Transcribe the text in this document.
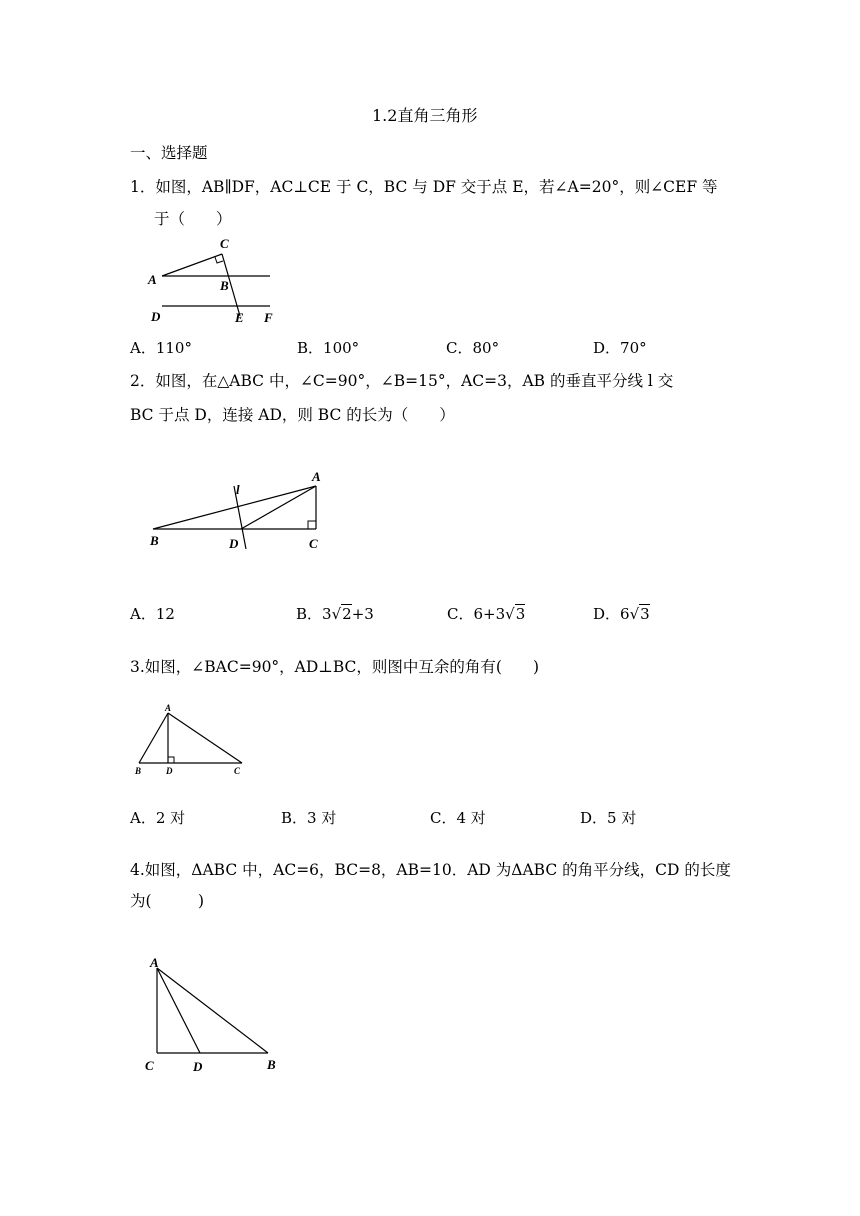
1.2直角三角形
一、选择题
1．如图，AB∥DF，AC⊥CE 于 C，BC 与 DF 交于点 E，若∠A=20°，则∠CEF 等
于（　　）
C
A	B
D	E F
A．110°	B．100°	C．80°	D．70°
2．如图，在△ABC 中，∠C=90°，∠B=15°，AC=3，AB 的垂直平分线 l 交
BC 于点 D，连接 AD，则 BC 的长为（　　）
A
l
B	D	C
A．12	B．3√2+3	C．6+3√3	D．6√3
3.如图，∠BAC=90°，AD⊥BC，则图中互余的角有(　　)
A
B	D	C
A．2 对	B．3 对	C．4 对	D．5 对
4.如图，ΔABC 中，AC=6，BC=8，AB=10．AD 为ΔABC 的角平分线，CD 的长度
为(　　　)
A
C	D	B
